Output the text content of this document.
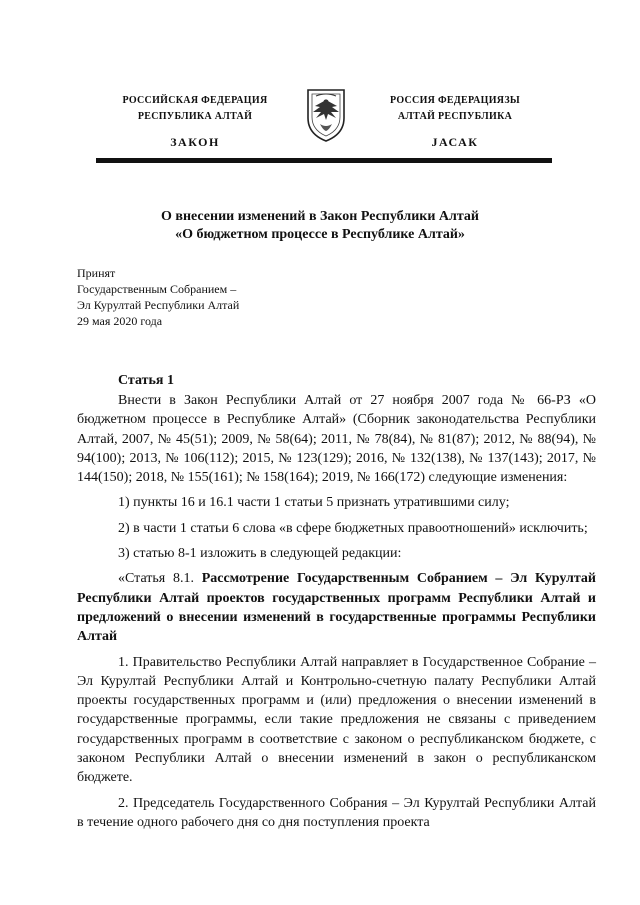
РОССИЙСКАЯ ФЕДЕРАЦИЯ
РЕСПУБЛИКА АЛТАЙ
ЗАКОН
РОССИЯ ФЕДЕРАЦИЯЗЫ
АЛТАЙ РЕСПУБЛИКА
JАСАК
О внесении изменений в Закон Республики Алтай
«О бюджетном процессе в Республике Алтай»
Принят
Государственным Собранием –
Эл Курултай Республики Алтай
29 мая 2020 года
Статья 1

Внести в Закон Республики Алтай от 27 ноября 2007 года № 66-РЗ «О бюджетном процессе в Республике Алтай» (Сборник законодательства Республики Алтай, 2007, № 45(51); 2009, № 58(64); 2011, № 78(84), № 81(87); 2012, № 88(94), № 94(100); 2013, № 106(112); 2015, № 123(129); 2016, № 132(138), № 137(143); 2017, № 144(150); 2018, № 155(161); № 158(164); 2019, № 166(172) следующие изменения:

1) пункты 16 и 16.1 части 1 статьи 5 признать утратившими силу;

2) в части 1 статьи 6 слова «в сфере бюджетных правоотношений» исключить;

3) статью 8-1 изложить в следующей редакции:

«Статья 8.1. Рассмотрение Государственным Собранием – Эл Курултай Республики Алтай проектов государственных программ Республики Алтай и предложений о внесении изменений в государственные программы Республики Алтай

1. Правительство Республики Алтай направляет в Государственное Собрание – Эл Курултай Республики Алтай и Контрольно-счетную палату Республики Алтай проекты государственных программ и (или) предложения о внесении изменений в государственные программы, если такие предложения не связаны с приведением государственных программ в соответствие с законом о республиканском бюджете, с законом Республики Алтай о внесении изменений в закон о республиканском бюджете.

2. Председатель Государственного Собрания – Эл Курултай Республики Алтай в течение одного рабочего дня со дня поступления проекта
